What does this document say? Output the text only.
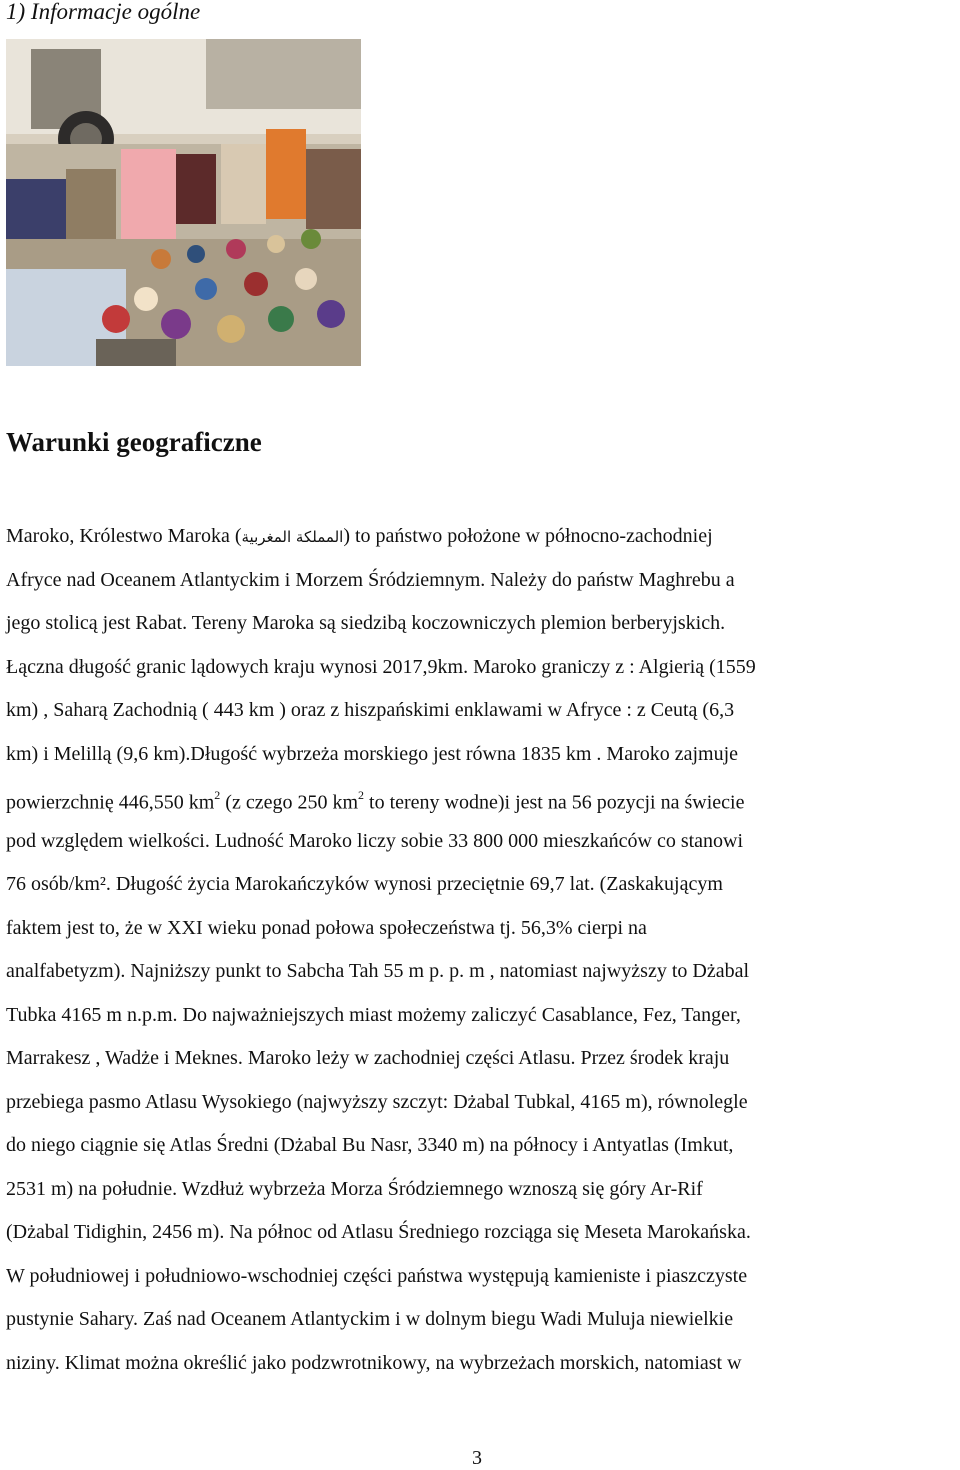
1) Informacje ogólne
Warunki geograficzne
Maroko, Królestwo Maroka (المملكة المغربية) to państwo położone w północno-zachodniej
Afryce nad Oceanem Atlantyckim i Morzem Śródziemnym. Należy do państw Maghrebu a
jego stolicą jest Rabat. Tereny Maroka są siedzibą koczowniczych plemion berberyjskich.
Łączna długość granic lądowych kraju wynosi 2017,9km. Maroko graniczy z : Algierią (1559
km) , Saharą Zachodnią ( 443 km ) oraz z hiszpańskimi enklawami w Afryce : z Ceutą (6,3
km) i Melillą (9,6 km).Długość wybrzeża morskiego jest równa 1835 km . Maroko zajmuje
powierzchnię 446,550 $km^2$ (z czego 250 $km^2$ to tereny wodne)i jest na 56 pozycji na świecie
pod względem wielkości. Ludność Maroko liczy sobie 33 800 000 mieszkańców co stanowi
76 osób/km². Długość życia Marokańczyków wynosi przeciętnie 69,7 lat. (Zaskakującym
faktem jest to, że w XXI wieku ponad połowa społeczeństwa tj. 56,3% cierpi na
analfabetyzm). Najniższy punkt to Sabcha Tah 55 m p. p. m , natomiast najwyższy to Dżabal
Tubka 4165 m n.p.m. Do najważniejszych miast możemy zaliczyć Casablance, Fez, Tanger,
Marrakesz , Wadże i Meknes. Maroko leży w zachodniej części Atlasu. Przez środek kraju
przebiega pasmo Atlasu Wysokiego (najwyższy szczyt: Dżabal Tubkal, 4165 m), równolegle
do niego ciągnie się Atlas Średni (Dżabal Bu Nasr, 3340 m) na północy i Antyatlas (Imkut,
2531 m) na południe. Wzdłuż wybrzeża Morza Śródziemnego wznoszą się góry Ar-Rif
(Dżabal Tidighin, 2456 m). Na północ od Atlasu Średniego rozciąga się Meseta Marokańska.
W południowej i południowo-wschodniej części państwa występują kamieniste i piaszczyste
pustynie Sahary. Zaś nad Oceanem Atlantyckim i w dolnym biegu Wadi Muluja niewielkie
niziny. Klimat można określić jako podzwrotnikowy, na wybrzeżach morskich, natomiast w
3
